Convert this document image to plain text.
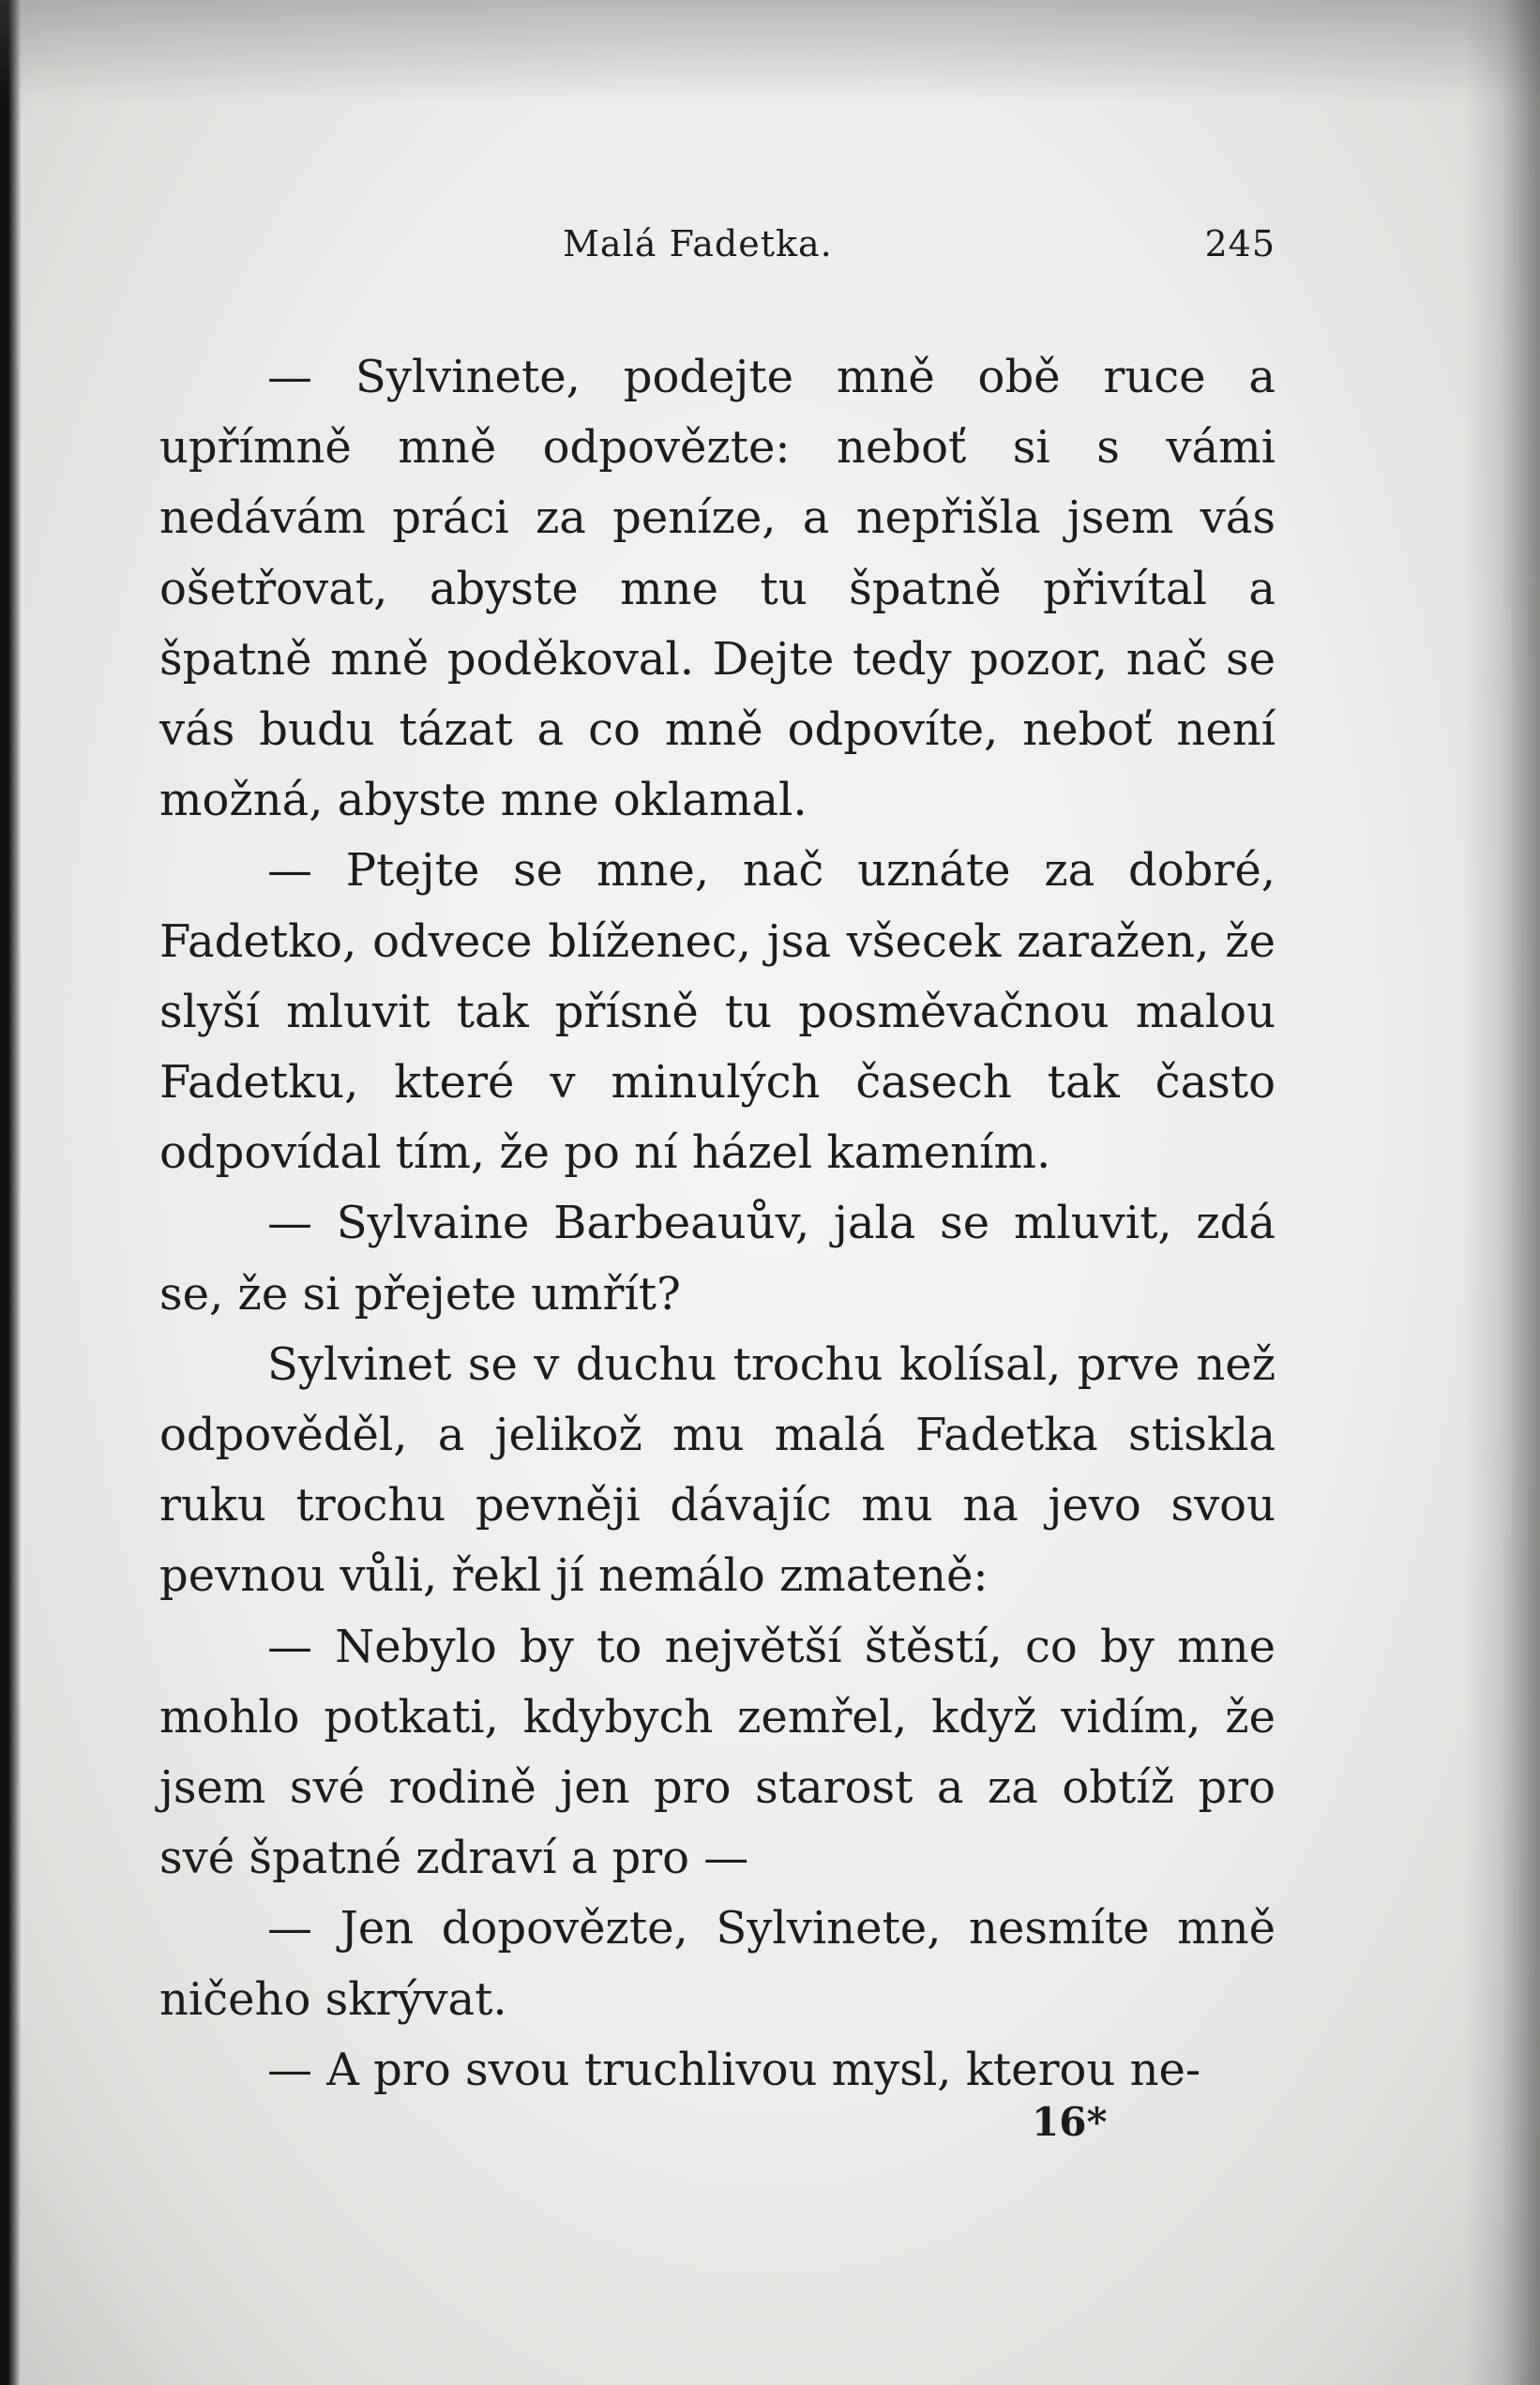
Malá Fadetka.	245

— Sylvinete, podejte mně obě ruce a upřímně mně odpovězte: neboť si s vámi nedávám práci za peníze, a nepřišla jsem vás ošetřovat, abyste mne tu špatně přivítal a špatně mně poděkoval. Dejte tedy pozor, nač se vás budu tázat a co mně odpovíte, neboť není možná, abyste mne oklamal.

— Ptejte se mne, nač uznáte za dobré, Fadetko, odvece blíženec, jsa všecek zaražen, že slyší mluvit tak přísně tu posměvačnou malou Fadetku, které v minulých časech tak často odpovídal tím, že po ní házel kamením.

— Sylvaine Barbeauův, jala se mluvit, zdá se, že si přejete umřít?

Sylvinet se v duchu trochu kolísal, prve než odpověděl, a jelikož mu malá Fadetka stiskla ruku trochu pevněji dávajíc mu na jevo svou pevnou vůli, řekl jí nemálo zmateně:

— Nebylo by to největší štěstí, co by mne mohlo potkati, kdybych zemřel, když vidím, že jsem své rodině jen pro starost a za obtíž pro své špatné zdraví a pro —

— Jen dopovězte, Sylvinete, nesmíte mně ničeho skrývat.

— A pro svou truchlivou mysl, kterou ne-

16*
